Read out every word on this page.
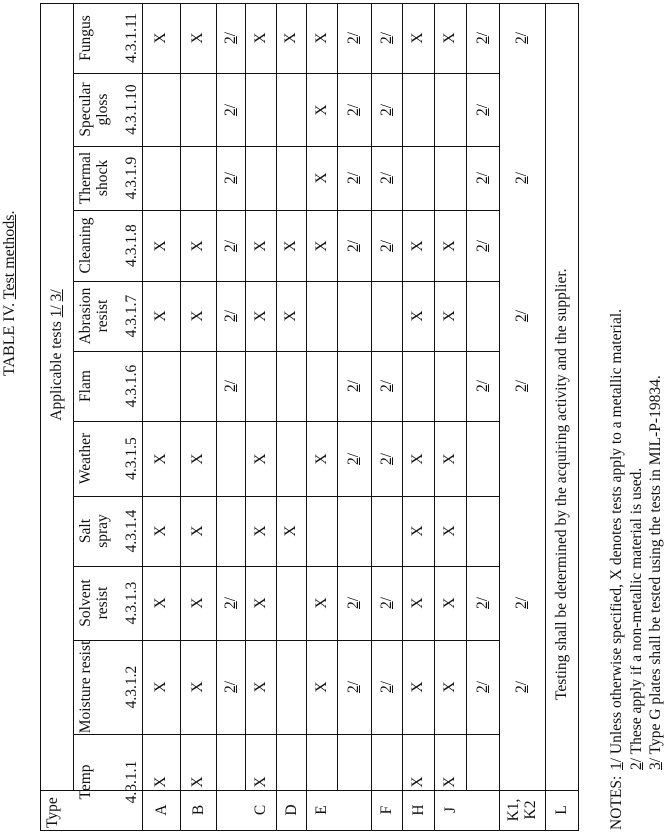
TABLE IV. Test methods.
Applicable tests 1/ 3/
Type
Temp 4.3.1.1
Moisture resist 4.3.1.2
Solvent resist 4.3.1.3
Salt spray 4.3.1.4
Weather 4.3.1.5
Flam 4.3.1.6
Abrasion resist 4.3.1.7
Cleaning 4.3.1.8
Thermal shock 4.3.1.9
Specular gloss 4.3.1.10
Fungus 4.3.1.11
A
X
X
X
X
X
X
X
X
B
X
X
X
X
X
X
X
X
2/
2/
2/
2/
2/
2/
2/
2/
C
X
X
X
X
X
X
X
X
D
X
X
X
X
E
X
X
X
X
X
X
X
2/
2/
2/
2/
2/
2/
2/
2/
F
2/
2/
2/
2/
2/
2/
2/
2/
H
X
X
X
X
X
X
X
X
J
X
X
X
X
X
X
X
X
2/
2/
2/
2/
2/
2/
2/
K1, K2
2/
2/
2/
2/
2/
2/
L
Testing shall be determined by the acquiring activity and the supplier.
NOTES:
1/ Unless otherwise specified, X denotes tests apply to a metallic material.
2/ These apply if a non-metallic material is used.
3/ Type G plates shall be tested using the tests in MIL-P-19834.
